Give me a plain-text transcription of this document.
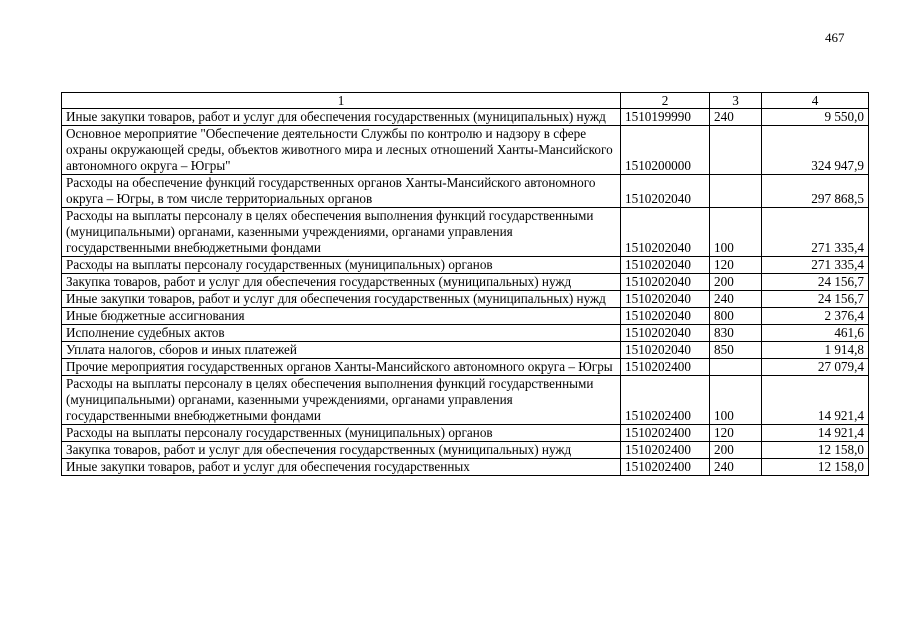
467
1	2	3	4
Иные закупки товаров, работ и услуг для обеспечения государственных (муниципальных) нужд	1510199990	240	9 550,0
Основное мероприятие "Обеспечение деятельности Службы по контролю и надзору в сфере охраны окружающей среды, объектов животного мира и лесных отношений Ханты-Мансийского автономного округа – Югры"	1510200000		324 947,9
Расходы на обеспечение функций государственных органов Ханты-Мансийского автономного округа – Югры, в том числе территориальных органов	1510202040		297 868,5
Расходы на выплаты персоналу в целях обеспечения выполнения функций государственными (муниципальными) органами, казенными учреждениями, органами управления государственными внебюджетными фондами	1510202040	100	271 335,4
Расходы на выплаты персоналу государственных (муниципальных) органов	1510202040	120	271 335,4
Закупка товаров, работ и услуг для обеспечения государственных (муниципальных) нужд	1510202040	200	24 156,7
Иные закупки товаров, работ и услуг для обеспечения государственных (муниципальных) нужд	1510202040	240	24 156,7
Иные бюджетные ассигнования	1510202040	800	2 376,4
Исполнение судебных актов	1510202040	830	461,6
Уплата налогов, сборов и иных платежей	1510202040	850	1 914,8
Прочие мероприятия государственных органов Ханты-Мансийского автономного округа – Югры	1510202400		27 079,4
Расходы на выплаты персоналу в целях обеспечения выполнения функций государственными (муниципальными) органами, казенными учреждениями, органами управления государственными внебюджетными фондами	1510202400	100	14 921,4
Расходы на выплаты персоналу государственных (муниципальных) органов	1510202400	120	14 921,4
Закупка товаров, работ и услуг для обеспечения государственных (муниципальных) нужд	1510202400	200	12 158,0
Иные закупки товаров, работ и услуг для обеспечения государственных	1510202400	240	12 158,0
